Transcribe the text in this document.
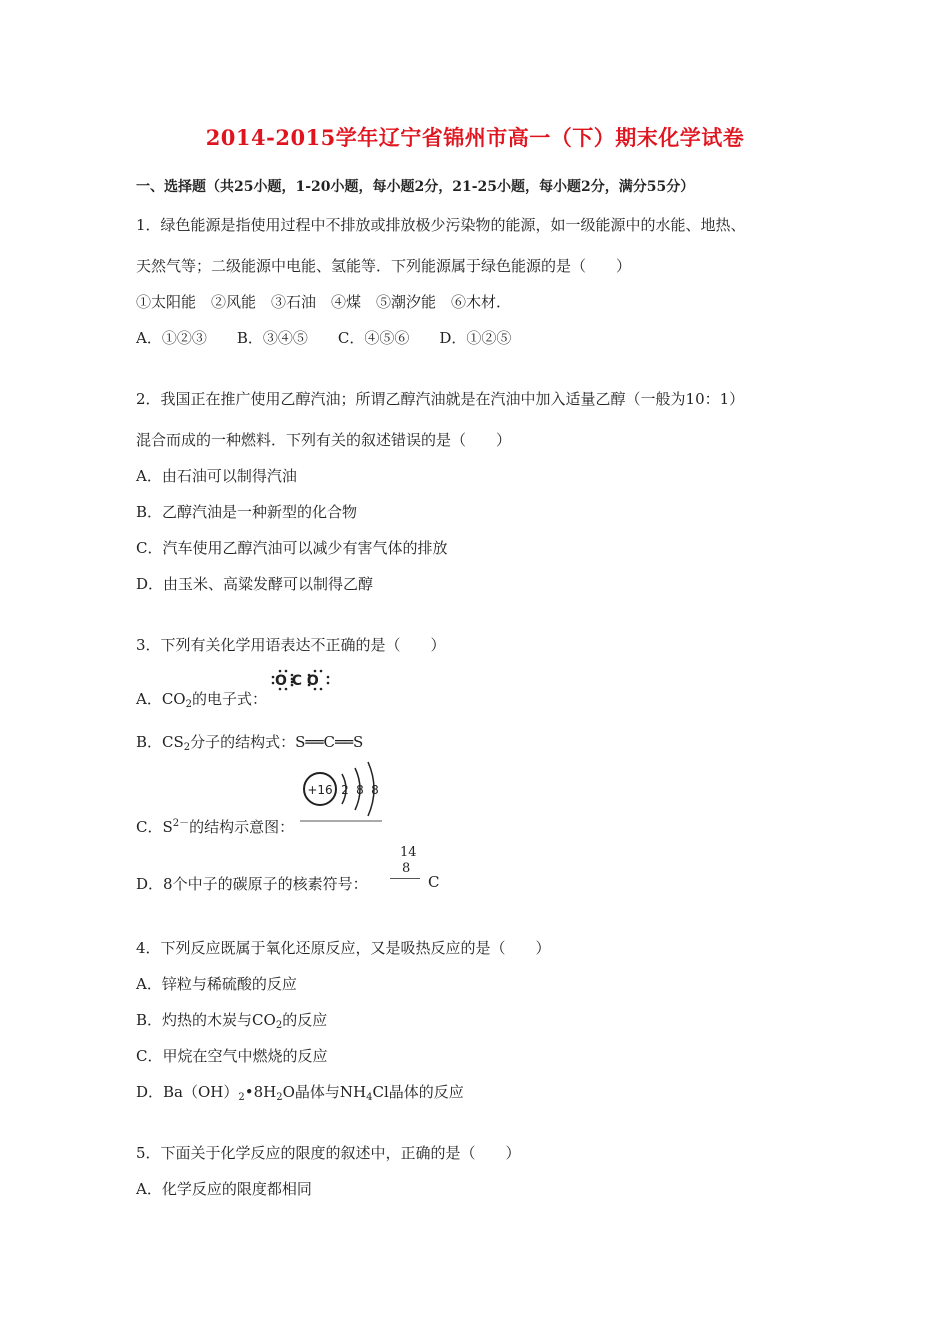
2014-2015学年辽宁省锦州市高一（下）期末化学试卷
一、选择题（共25小题，1-20小题，每小题2分，21-25小题，每小题2分，满分55分）
1．绿色能源是指使用过程中不排放或排放极少污染物的能源，如一级能源中的水能、地热、
天然气等；二级能源中电能、氢能等．下列能源属于绿色能源的是（　　）
①太阳能　②风能　③石油　④煤　⑤潮汐能　⑥木材．
A．①②③　　B．③④⑤　　C．④⑤⑥　　D．①②⑤
2．我国正在推广使用乙醇汽油；所谓乙醇汽油就是在汽油中加入适量乙醇（一般为10：1）
混合而成的一种燃料．下列有关的叙述错误的是（　　）
A．由石油可以制得汽油
B．乙醇汽油是一种新型的化合物
C．汽车使用乙醇汽油可以减少有害气体的排放
D．由玉米、高粱发酵可以制得乙醇
3．下列有关化学用语表达不正确的是（　　）
A．$CO_2$的电子式：
O C O
B．$CS_2$分子的结构式：S══C══S
C．$S^{2-}$的结构示意图：
+16 2 8 8
D．8个中子的碳原子的核素符号：
14
8
C
4．下列反应既属于氧化还原反应，又是吸热反应的是（　　）
A．锌粒与稀硫酸的反应
B．灼热的木炭与$CO_2$的反应
C．甲烷在空气中燃烧的反应
D．$Ba(OH)_2•8H_2O$晶体与$NH_4Cl$晶体的反应
5．下面关于化学反应的限度的叙述中，正确的是（　　）
A．化学反应的限度都相同
